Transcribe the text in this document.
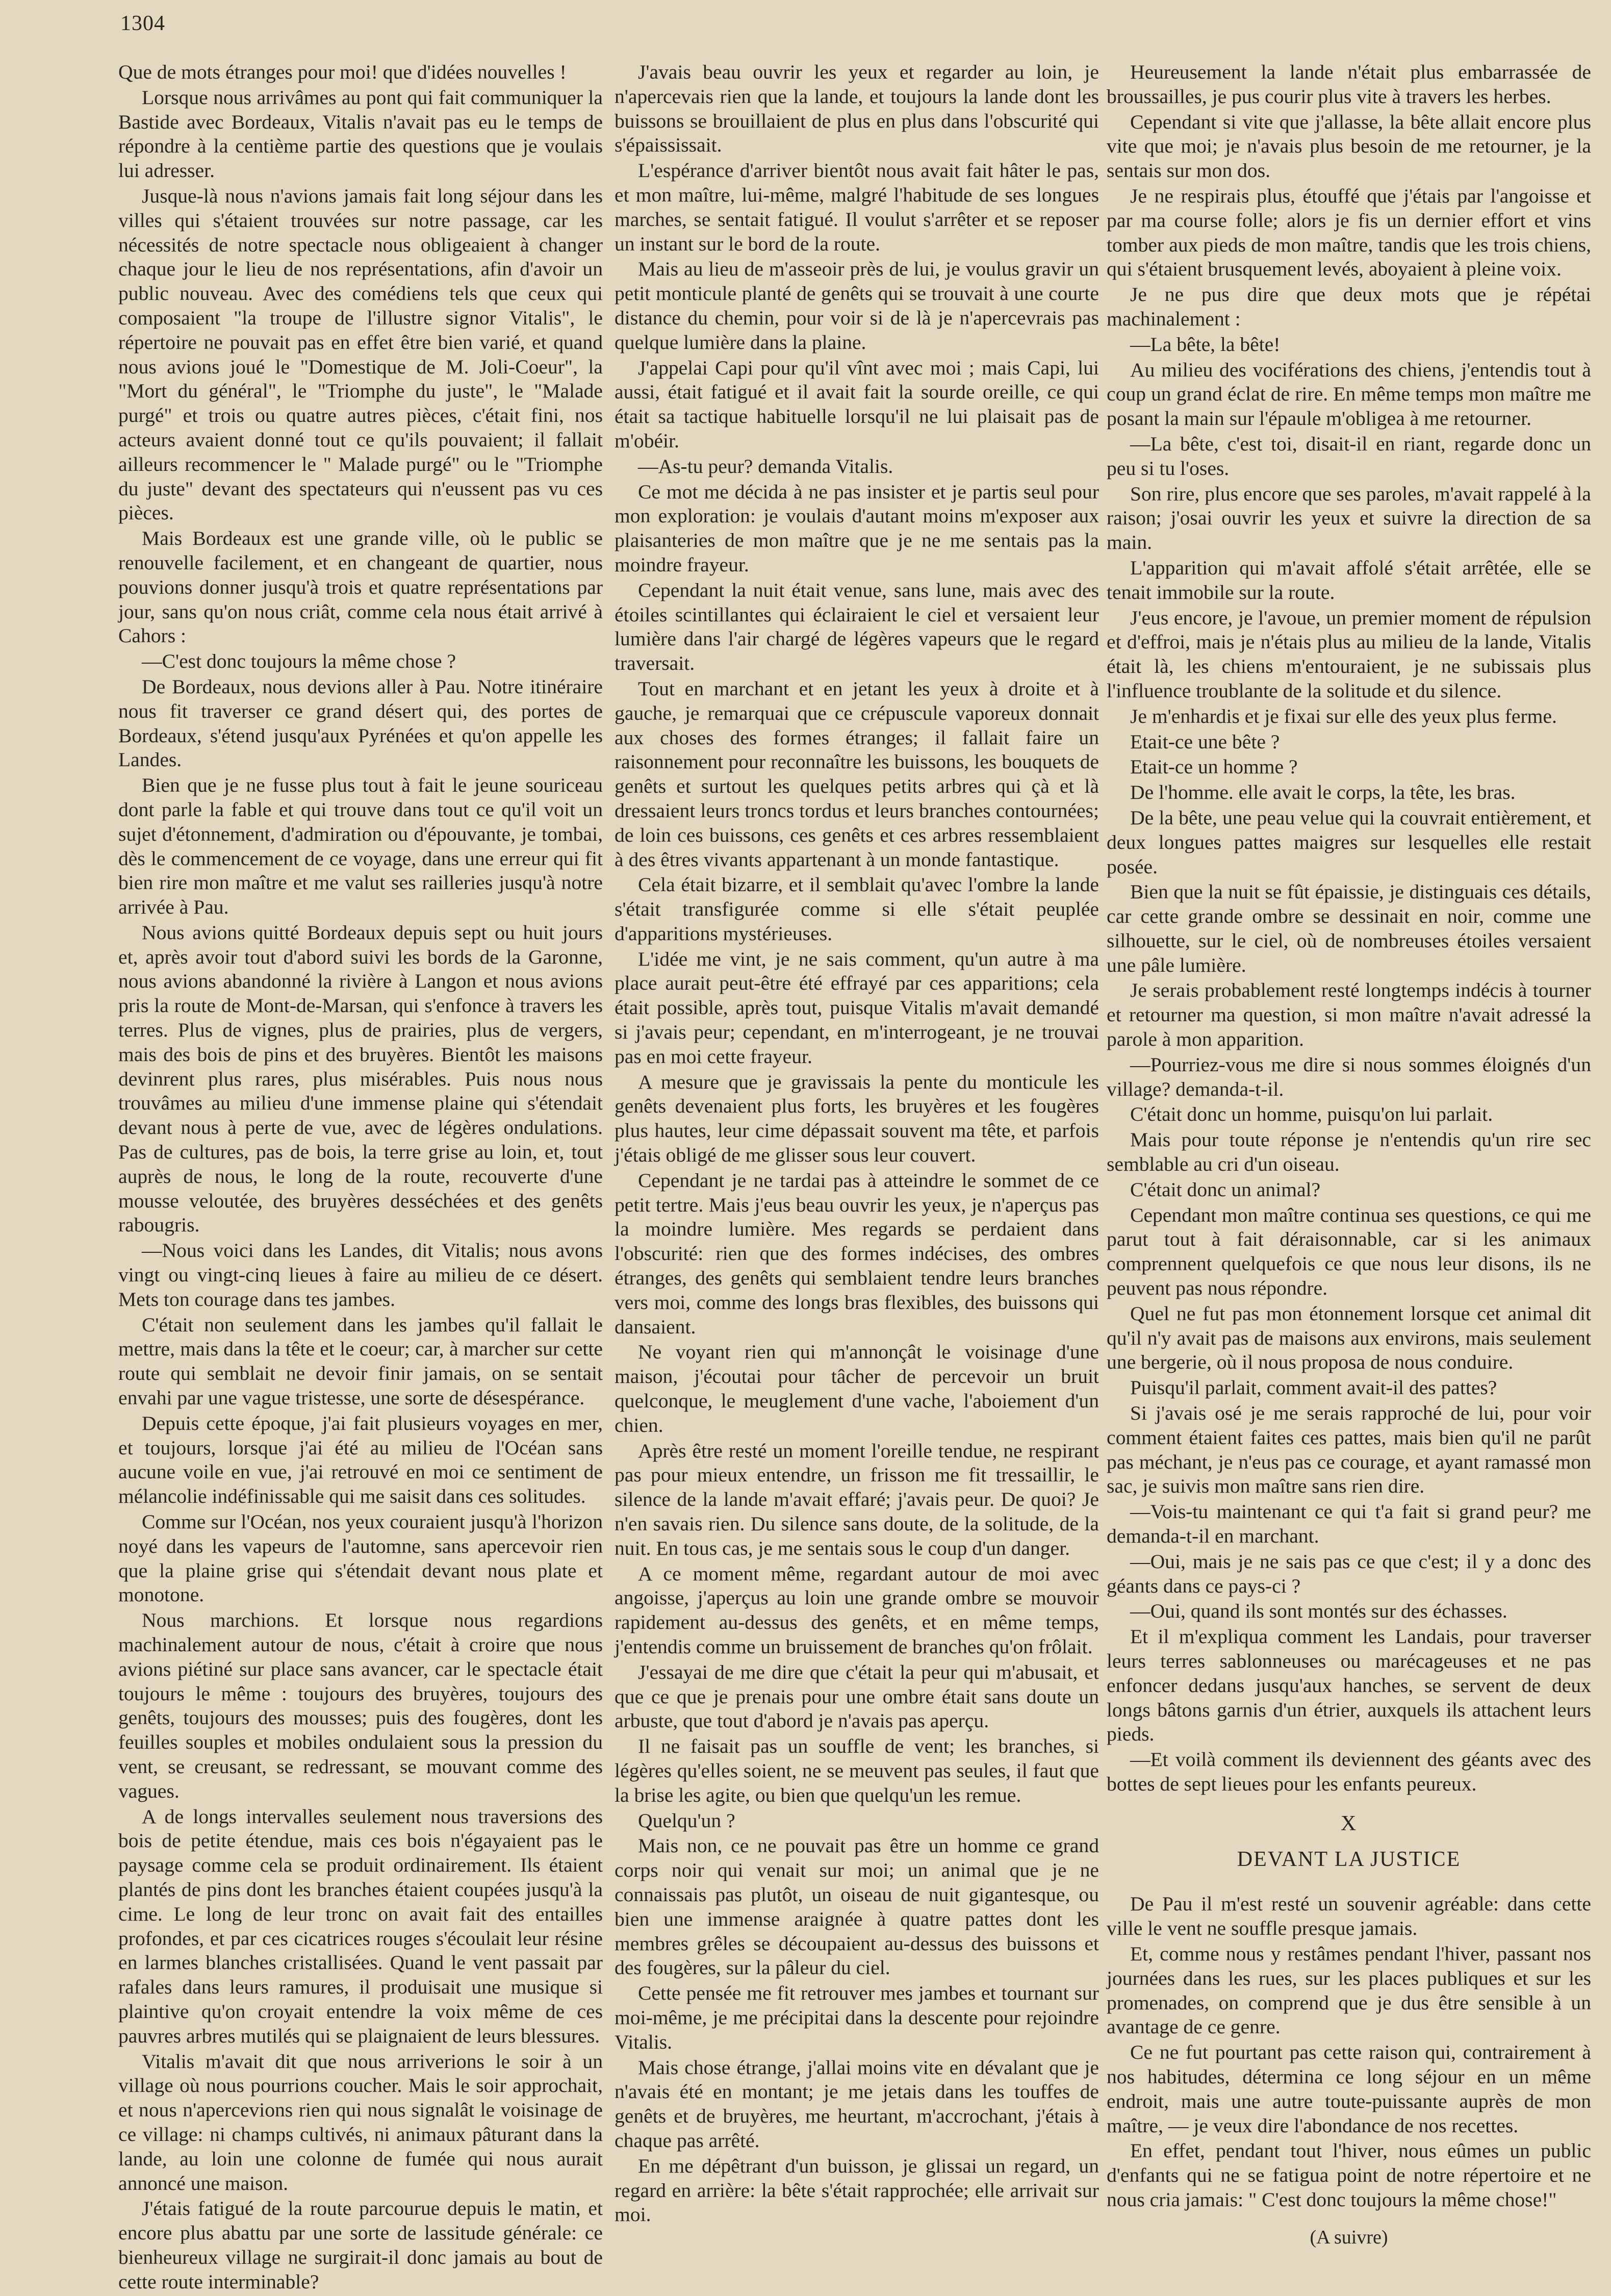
1304

Que de mots étranges pour moi! que d'idées nouvelles !

Lorsque nous arrivâmes au pont qui fait communiquer la Bastide avec Bordeaux, Vitalis n'avait pas eu le temps de répondre à la centième partie des questions que je voulais lui adresser.

Jusque-là nous n'avions jamais fait long séjour dans les villes qui s'étaient trouvées sur notre passage, car les nécessités de notre spectacle nous obligeaient à changer chaque jour le lieu de nos représentations, afin d'avoir un public nouveau. Avec des comédiens tels que ceux qui composaient "la troupe de l'illustre signor Vitalis", le répertoire ne pouvait pas en effet être bien varié, et quand nous avions joué le "Domestique de M. Joli-Coeur", la "Mort du général", le "Triomphe du juste", le "Malade purgé" et trois ou quatre autres pièces, c'était fini, nos acteurs avaient donné tout ce qu'ils pouvaient; il fallait ailleurs recommencer le " Malade purgé" ou le "Triomphe du juste" devant des spectateurs qui n'eussent pas vu ces pièces.

Mais Bordeaux est une grande ville, où le public se renouvelle facilement, et en changeant de quartier, nous pouvions donner jusqu'à trois et quatre représentations par jour, sans qu'on nous criât, comme cela nous était arrivé à Cahors :

—C'est donc toujours la même chose ?

De Bordeaux, nous devions aller à Pau. Notre itinéraire nous fit traverser ce grand désert qui, des portes de Bordeaux, s'étend jusqu'aux Pyrénées et qu'on appelle les Landes.

Bien que je ne fusse plus tout à fait le jeune souriceau dont parle la fable et qui trouve dans tout ce qu'il voit un sujet d'étonnement, d'admiration ou d'épouvante, je tombai, dès le commencement de ce voyage, dans une erreur qui fit bien rire mon maître et me valut ses railleries jusqu'à notre arrivée à Pau.

Nous avions quitté Bordeaux depuis sept ou huit jours et, après avoir tout d'abord suivi les bords de la Garonne, nous avions abandonné la rivière à Langon et nous avions pris la route de Mont-de-Marsan, qui s'enfonce à travers les terres. Plus de vignes, plus de prairies, plus de vergers, mais des bois de pins et des bruyères. Bientôt les maisons devinrent plus rares, plus misérables. Puis nous nous trouvâmes au milieu d'une immense plaine qui s'étendait devant nous à perte de vue, avec de légères ondulations. Pas de cultures, pas de bois, la terre grise au loin, et, tout auprès de nous, le long de la route, recouverte d'une mousse veloutée, des bruyères desséchées et des genêts rabougris.

—Nous voici dans les Landes, dit Vitalis; nous avons vingt ou vingt-cinq lieues à faire au milieu de ce désert. Mets ton courage dans tes jambes.

C'était non seulement dans les jambes qu'il fallait le mettre, mais dans la tête et le coeur; car, à marcher sur cette route qui semblait ne devoir finir jamais, on se sentait envahi par une vague tristesse, une sorte de désespérance.

Depuis cette époque, j'ai fait plusieurs voyages en mer, et toujours, lorsque j'ai été au milieu de l'Océan sans aucune voile en vue, j'ai retrouvé en moi ce sentiment de mélancolie indéfinissable qui me saisit dans ces solitudes.

Comme sur l'Océan, nos yeux couraient jusqu'à l'horizon noyé dans les vapeurs de l'automne, sans apercevoir rien que la plaine grise qui s'étendait devant nous plate et monotone.

Nous marchions. Et lorsque nous regardions machinalement autour de nous, c'était à croire que nous avions piétiné sur place sans avancer, car le spectacle était toujours le même : toujours des bruyères, toujours des genêts, toujours des mousses; puis des fougères, dont les feuilles souples et mobiles ondulaient sous la pression du vent, se creusant, se redressant, se mouvant comme des vagues.

A de longs intervalles seulement nous traversions des bois de petite étendue, mais ces bois n'égayaient pas le paysage comme cela se produit ordinairement. Ils étaient plantés de pins dont les branches étaient coupées jusqu'à la cime. Le long de leur tronc on avait fait des entailles profondes, et par ces cicatrices rouges s'écoulait leur résine en larmes blanches cristallisées. Quand le vent passait par rafales dans leurs ramures, il produisait une musique si plaintive qu'on croyait entendre la voix même de ces pauvres arbres mutilés qui se plaignaient de leurs blessures.

Vitalis m'avait dit que nous arriverions le soir à un village où nous pourrions coucher. Mais le soir approchait, et nous n'apercevions rien qui nous signalât le voisinage de ce village: ni champs cultivés, ni animaux pâturant dans la lande, au loin une colonne de fumée qui nous aurait annoncé une maison.

J'étais fatigué de la route parcourue depuis le matin, et encore plus abattu par une sorte de lassitude générale: ce bienheureux village ne surgirait-il donc jamais au bout de cette route interminable?

J'avais beau ouvrir les yeux et regarder au loin, je n'apercevais rien que la lande, et toujours la lande dont les buissons se brouillaient de plus en plus dans l'obscurité qui s'épaississait.

L'espérance d'arriver bientôt nous avait fait hâter le pas, et mon maître, lui-même, malgré l'habitude de ses longues marches, se sentait fatigué. Il voulut s'arrêter et se reposer un instant sur le bord de la route.

Mais au lieu de m'asseoir près de lui, je voulus gravir un petit monticule planté de genêts qui se trouvait à une courte distance du chemin, pour voir si de là je n'apercevrais pas quelque lumière dans la plaine.

J'appelai Capi pour qu'il vînt avec moi ; mais Capi, lui aussi, était fatigué et il avait fait la sourde oreille, ce qui était sa tactique habituelle lorsqu'il ne lui plaisait pas de m'obéir.

—As-tu peur? demanda Vitalis.

Ce mot me décida à ne pas insister et je partis seul pour mon exploration: je voulais d'autant moins m'exposer aux plaisanteries de mon maître que je ne me sentais pas la moindre frayeur.

Cependant la nuit était venue, sans lune, mais avec des étoiles scintillantes qui éclairaient le ciel et versaient leur lumière dans l'air chargé de légères vapeurs que le regard traversait.

Tout en marchant et en jetant les yeux à droite et à gauche, je remarquai que ce crépuscule vaporeux donnait aux choses des formes étranges; il fallait faire un raisonnement pour reconnaître les buissons, les bouquets de genêts et surtout les quelques petits arbres qui çà et là dressaient leurs troncs tordus et leurs branches contournées; de loin ces buissons, ces genêts et ces arbres ressemblaient à des êtres vivants appartenant à un monde fantastique.

Cela était bizarre, et il semblait qu'avec l'ombre la lande s'était transfigurée comme si elle s'était peuplée d'apparitions mystérieuses.

L'idée me vint, je ne sais comment, qu'un autre à ma place aurait peut-être été effrayé par ces apparitions; cela était possible, après tout, puisque Vitalis m'avait demandé si j'avais peur; cependant, en m'interrogeant, je ne trouvai pas en moi cette frayeur.

A mesure que je gravissais la pente du monticule les genêts devenaient plus forts, les bruyères et les fougères plus hautes, leur cime dépassait souvent ma tête, et parfois j'étais obligé de me glisser sous leur couvert.

Cependant je ne tardai pas à atteindre le sommet de ce petit tertre. Mais j'eus beau ouvrir les yeux, je n'aperçus pas la moindre lumière. Mes regards se perdaient dans l'obscurité: rien que des formes indécises, des ombres étranges, des genêts qui semblaient tendre leurs branches vers moi, comme des longs bras flexibles, des buissons qui dansaient.

Ne voyant rien qui m'annonçât le voisinage d'une maison, j'écoutai pour tâcher de percevoir un bruit quelconque, le meuglement d'une vache, l'aboiement d'un chien.

Après être resté un moment l'oreille tendue, ne respirant pas pour mieux entendre, un frisson me fit tressaillir, le silence de la lande m'avait effaré; j'avais peur. De quoi? Je n'en savais rien. Du silence sans doute, de la solitude, de la nuit. En tous cas, je me sentais sous le coup d'un danger.

A ce moment même, regardant autour de moi avec angoisse, j'aperçus au loin une grande ombre se mouvoir rapidement au-dessus des genêts, et en même temps, j'entendis comme un bruissement de branches qu'on frôlait.

J'essayai de me dire que c'était la peur qui m'abusait, et que ce que je prenais pour une ombre était sans doute un arbuste, que tout d'abord je n'avais pas aperçu.

Il ne faisait pas un souffle de vent; les branches, si légères qu'elles soient, ne se meuvent pas seules, il faut que la brise les agite, ou bien que quelqu'un les remue.

Quelqu'un ?

Mais non, ce ne pouvait pas être un homme ce grand corps noir qui venait sur moi; un animal que je ne connaissais pas plutôt, un oiseau de nuit gigantesque, ou bien une immense araignée à quatre pattes dont les membres grêles se découpaient au-dessus des buissons et des fougères, sur la pâleur du ciel.

Cette pensée me fit retrouver mes jambes et tournant sur moi-même, je me précipitai dans la descente pour rejoindre Vitalis.

Mais chose étrange, j'allai moins vite en dévalant que je n'avais été en montant; je me jetais dans les touffes de genêts et de bruyères, me heurtant, m'accrochant, j'étais à chaque pas arrêté.

En me dépêtrant d'un buisson, je glissai un regard, un regard en arrière: la bête s'était rapprochée; elle arrivait sur moi.

Heureusement la lande n'était plus embarrassée de broussailles, je pus courir plus vite à travers les herbes.

Cependant si vite que j'allasse, la bête allait encore plus vite que moi; je n'avais plus besoin de me retourner, je la sentais sur mon dos.

Je ne respirais plus, étouffé que j'étais par l'angoisse et par ma course folle; alors je fis un dernier effort et vins tomber aux pieds de mon maître, tandis que les trois chiens, qui s'étaient brusquement levés, aboyaient à pleine voix.

Je ne pus dire que deux mots que je répétai machinalement :

—La bête, la bête!

Au milieu des vociférations des chiens, j'entendis tout à coup un grand éclat de rire. En même temps mon maître me posant la main sur l'épaule m'obligea à me retourner.

—La bête, c'est toi, disait-il en riant, regarde donc un peu si tu l'oses.

Son rire, plus encore que ses paroles, m'avait rappelé à la raison; j'osai ouvrir les yeux et suivre la direction de sa main.

L'apparition qui m'avait affolé s'était arrêtée, elle se tenait immobile sur la route.

J'eus encore, je l'avoue, un premier moment de répulsion et d'effroi, mais je n'étais plus au milieu de la lande, Vitalis était là, les chiens m'entouraient, je ne subissais plus l'influence troublante de la solitude et du silence.

Je m'enhardis et je fixai sur elle des yeux plus ferme.

Etait-ce une bête ?

Etait-ce un homme ?

De l'homme. elle avait le corps, la tête, les bras.

De la bête, une peau velue qui la couvrait entièrement, et deux longues pattes maigres sur lesquelles elle restait posée.

Bien que la nuit se fût épaissie, je distinguais ces détails, car cette grande ombre se dessinait en noir, comme une silhouette, sur le ciel, où de nombreuses étoiles versaient une pâle lumière.

Je serais probablement resté longtemps indécis à tourner et retourner ma question, si mon maître n'avait adressé la parole à mon apparition.

—Pourriez-vous me dire si nous sommes éloignés d'un village? demanda-t-il.

C'était donc un homme, puisqu'on lui parlait.

Mais pour toute réponse je n'entendis qu'un rire sec semblable au cri d'un oiseau.

C'était donc un animal?

Cependant mon maître continua ses questions, ce qui me parut tout à fait déraisonnable, car si les animaux comprennent quelquefois ce que nous leur disons, ils ne peuvent pas nous répondre.

Quel ne fut pas mon étonnement lorsque cet animal dit qu'il n'y avait pas de maisons aux environs, mais seulement une bergerie, où il nous proposa de nous conduire.

Puisqu'il parlait, comment avait-il des pattes?

Si j'avais osé je me serais rapproché de lui, pour voir comment étaient faites ces pattes, mais bien qu'il ne parût pas méchant, je n'eus pas ce courage, et ayant ramassé mon sac, je suivis mon maître sans rien dire.

—Vois-tu maintenant ce qui t'a fait si grand peur? me demanda-t-il en marchant.

—Oui, mais je ne sais pas ce que c'est; il y a donc des géants dans ce pays-ci ?

—Oui, quand ils sont montés sur des échasses.

Et il m'expliqua comment les Landais, pour traverser leurs terres sablonneuses ou marécageuses et ne pas enfoncer dedans jusqu'aux hanches, se servent de deux longs bâtons garnis d'un étrier, auxquels ils attachent leurs pieds.

—Et voilà comment ils deviennent des géants avec des bottes de sept lieues pour les enfants peureux.

X
DEVANT LA JUSTICE

De Pau il m'est resté un souvenir agréable: dans cette ville le vent ne souffle presque jamais.

Et, comme nous y restâmes pendant l'hiver, passant nos journées dans les rues, sur les places publiques et sur les promenades, on comprend que je dus être sensible à un avantage de ce genre.

Ce ne fut pourtant pas cette raison qui, contrairement à nos habitudes, détermina ce long séjour en un même endroit, mais une autre toute-puissante auprès de mon maître, — je veux dire l'abondance de nos recettes.

En effet, pendant tout l'hiver, nous eûmes un public d'enfants qui ne se fatigua point de notre répertoire et ne nous cria jamais: " C'est donc toujours la même chose!"

(A suivre)
